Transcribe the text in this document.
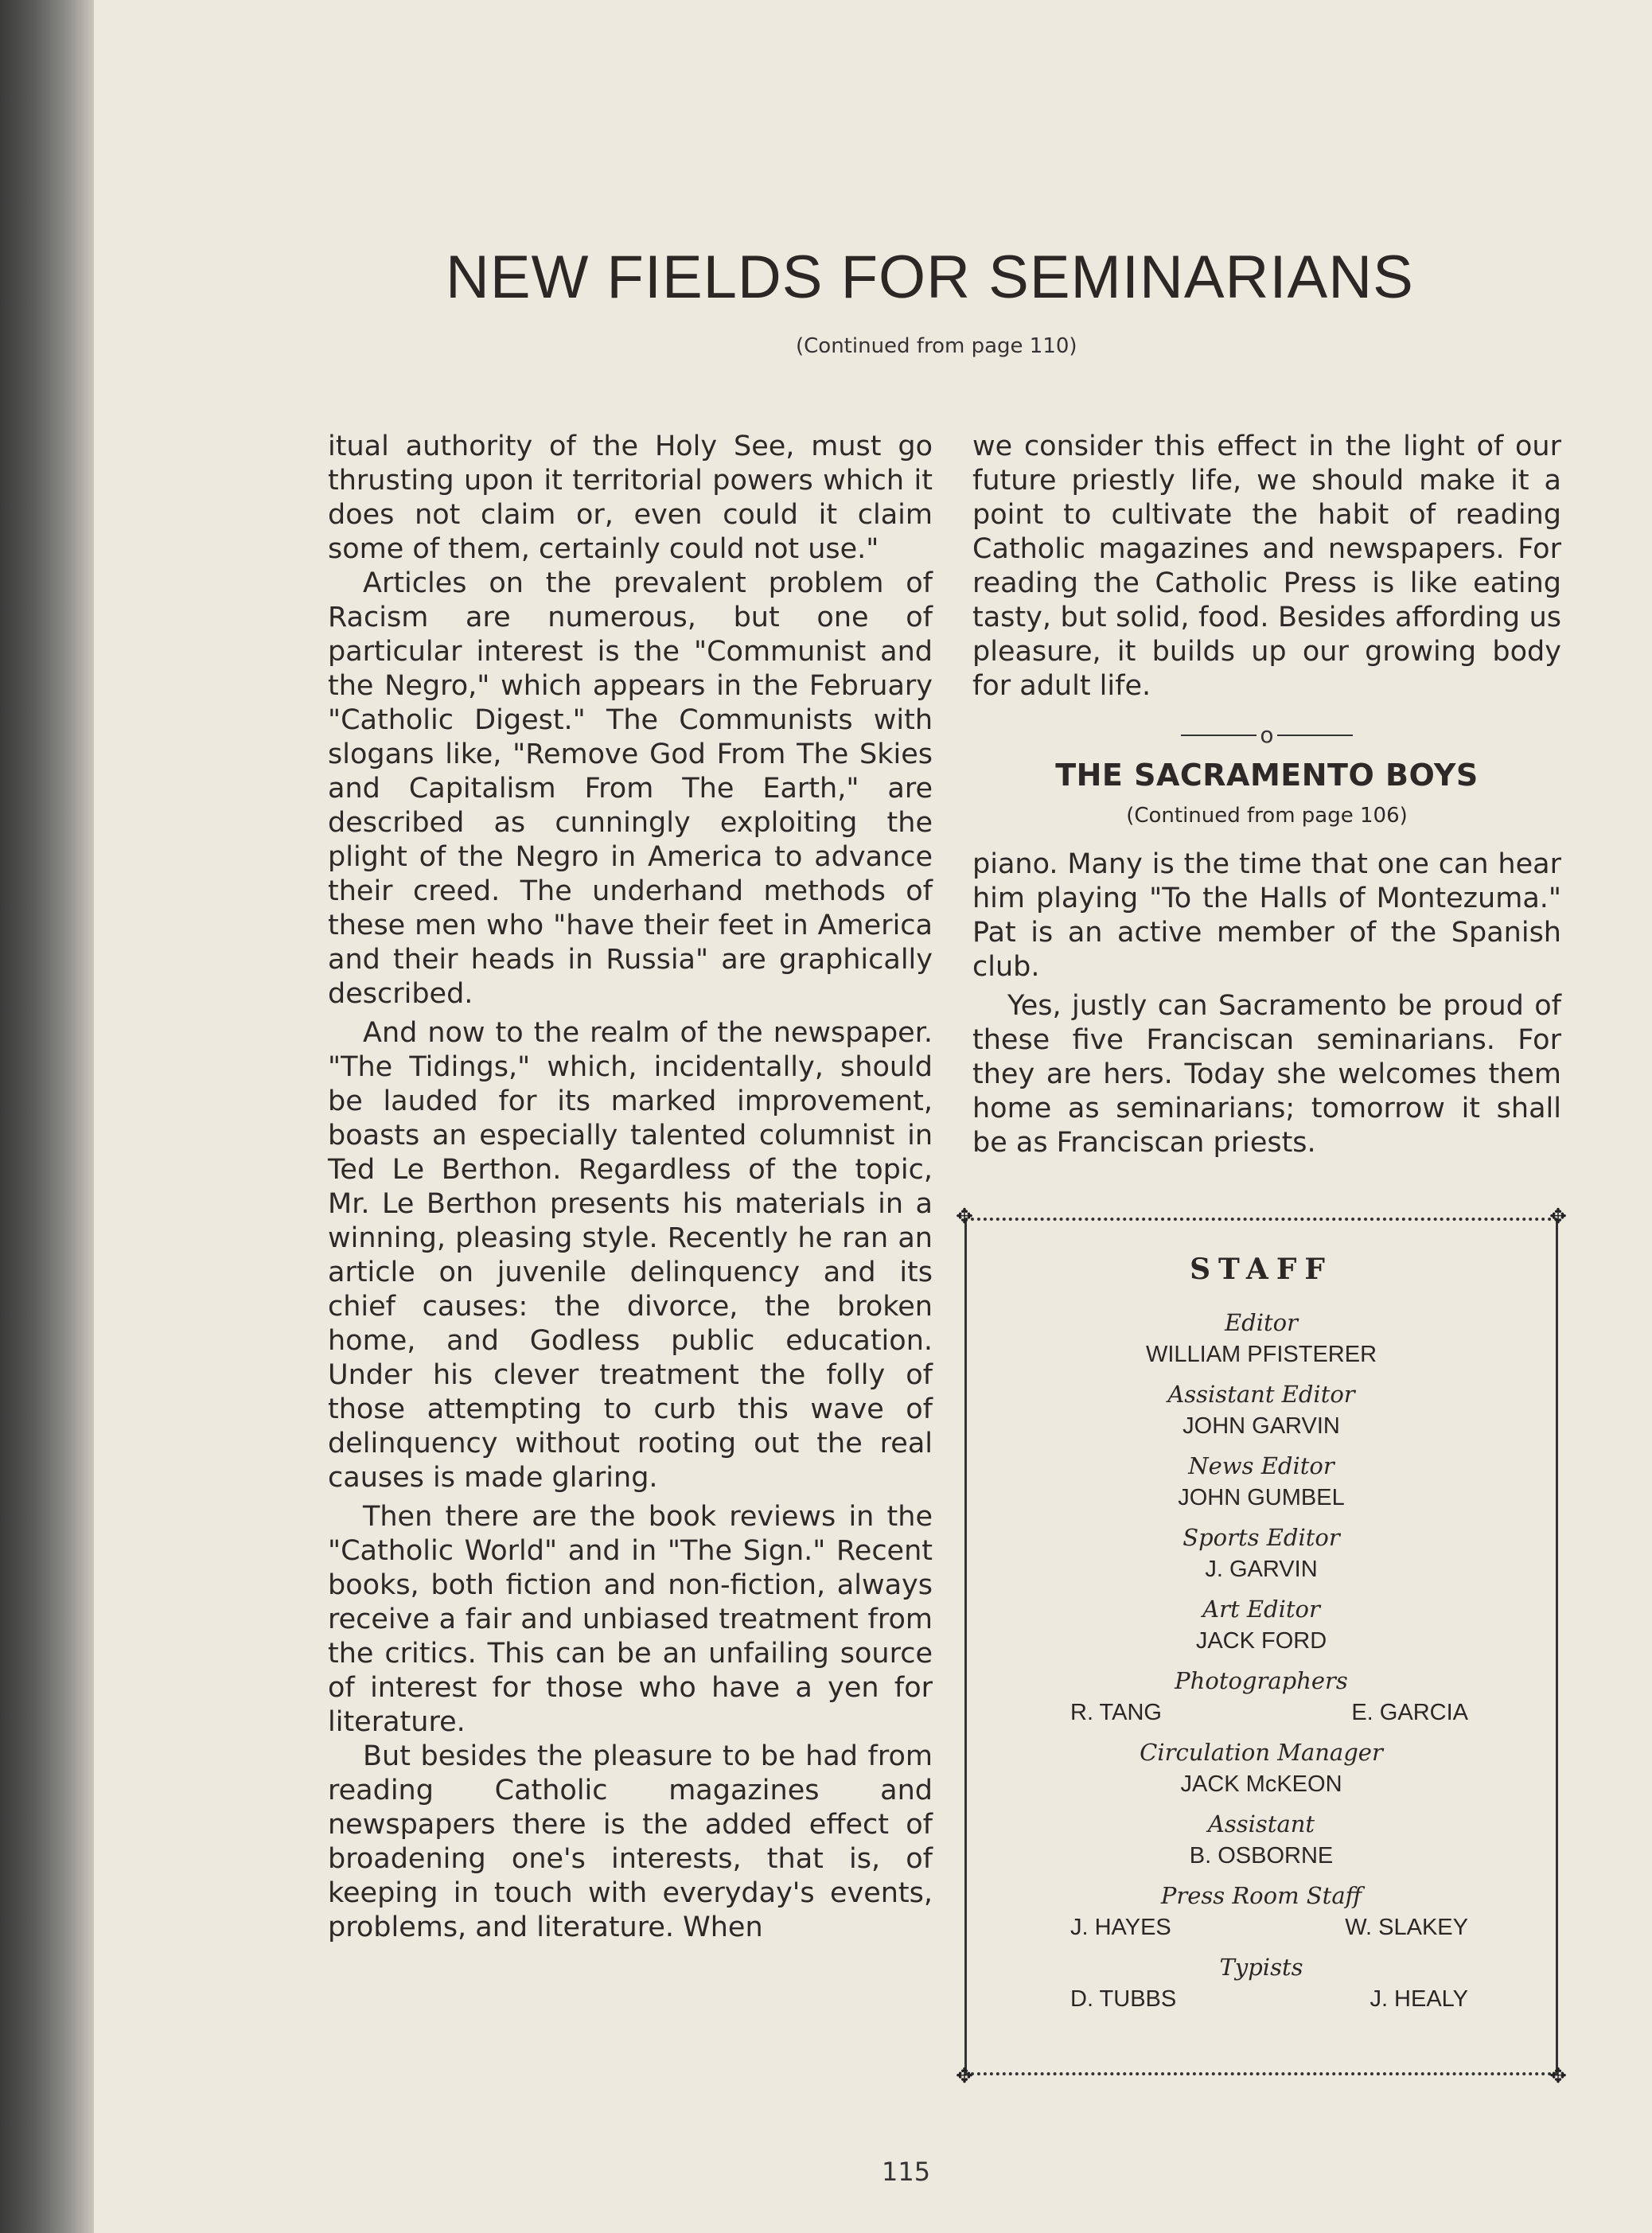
NEW FIELDS FOR SEMINARIANS
(Continued from page 110)

itual authority of the Holy See, must go thrusting upon it territorial powers which it does not claim or, even could it claim some of them, certainly could not use."

Articles on the prevalent problem of Racism are numerous, but one of particular interest is the "Communist and the Negro," which appears in the February "Catholic Digest." The Communists with slogans like, "Remove God From The Skies and Capitalism From The Earth," are described as cunningly exploiting the plight of the Negro in America to advance their creed. The underhand methods of these men who "have their feet in America and their heads in Russia" are graphically described.

And now to the realm of the newspaper. "The Tidings," which, incidentally, should be lauded for its marked improvement, boasts an especially talented columnist in Ted Le Berthon. Regardless of the topic, Mr. Le Berthon presents his materials in a winning, pleasing style. Recently he ran an article on juvenile delinquency and its chief causes: the divorce, the broken home, and Godless public education. Under his clever treatment the folly of those attempting to curb this wave of delinquency without rooting out the real causes is made glaring.

Then there are the book reviews in the "Catholic World" and in "The Sign." Recent books, both fiction and non-fiction, always receive a fair and unbiased treatment from the critics. This can be an unfailing source of interest for those who have a yen for literature.

But besides the pleasure to be had from reading Catholic magazines and newspapers there is the added effect of broadening one's interests, that is, of keeping in touch with everyday's events, problems, and literature. When

we consider this effect in the light of our future priestly life, we should make it a point to cultivate the habit of reading Catholic magazines and newspapers. For reading the Catholic Press is like eating tasty, but solid, food. Besides affording us pleasure, it builds up our growing body for adult life.

o
THE SACRAMENTO BOYS
(Continued from page 106)

piano. Many is the time that one can hear him playing "To the Halls of Montezuma." Pat is an active member of the Spanish club.

Yes, justly can Sacramento be proud of these five Franciscan seminarians. For they are hers. Today she welcomes them home as seminarians; tomorrow it shall be as Franciscan priests.

✥	✥
✥	✥
STAFF
Editor
WILLIAM PFISTERER
Assistant Editor
JOHN GARVIN
News Editor
JOHN GUMBEL
Sports Editor
J. GARVIN
Art Editor
JACK FORD
Photographers
R. TANG	E. GARCIA
Circulation Manager
JACK McKEON
Assistant
B. OSBORNE
Press Room Staff
J. HAYES	W. SLAKEY
Typists
D. TUBBS	J. HEALY
115
